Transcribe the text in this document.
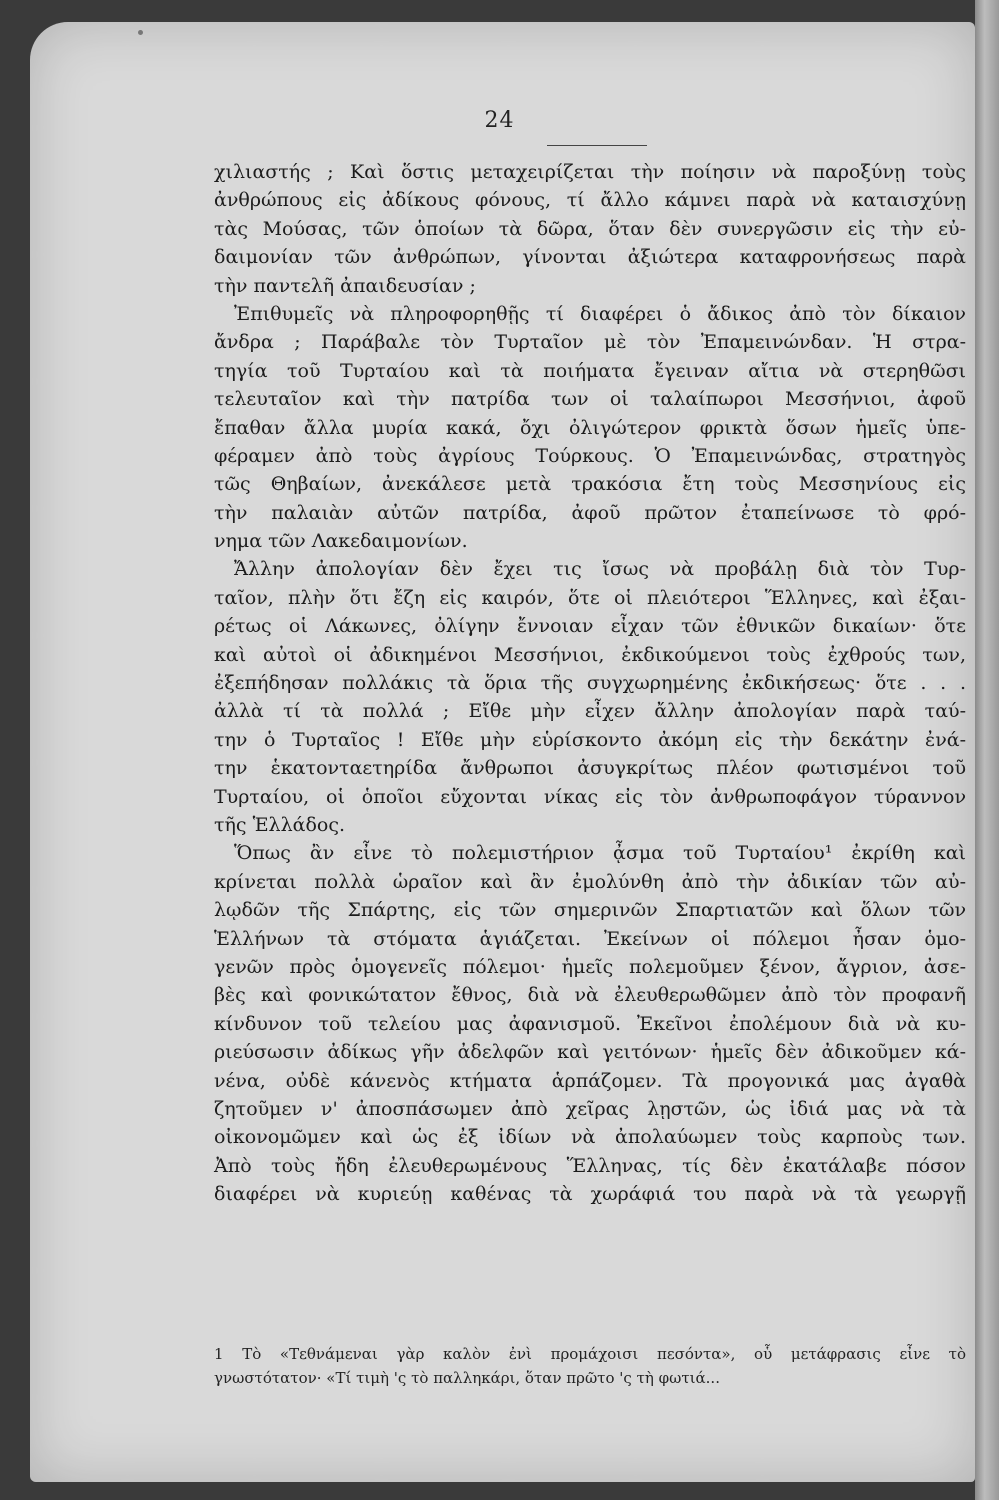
24
χιλιαστής ; Καὶ ὅστις μεταχειρίζεται τὴν ποίησιν νὰ παροξύνῃ τοὺς
ἀνθρώπους εἰς ἀδίκους φόνους, τί ἄλλο κάμνει παρὰ νὰ καταισχύνῃ
τὰς Μούσας, τῶν ὁποίων τὰ δῶρα, ὅταν δὲν συνεργῶσιν εἰς τὴν εὐ-
δαιμονίαν τῶν ἀνθρώπων, γίνονται ἀξιώτερα καταφρονήσεως παρὰ
τὴν παντελῆ ἀπαιδευσίαν ;
Ἐπιθυμεῖς νὰ πληροφορηθῇς τί διαφέρει ὁ ἄδικος ἀπὸ τὸν δίκαιον
ἄνδρα ; Παράβαλε τὸν Τυρταῖον μὲ τὸν Ἐπαμεινώνδαν. Ἡ στρα-
τηγία τοῦ Τυρταίου καὶ τὰ ποιήματα ἔγειναν αἴτια νὰ στερηθῶσι
τελευταῖον καὶ τὴν πατρίδα των οἱ ταλαίπωροι Μεσσήνιοι, ἀφοῦ
ἔπαθαν ἄλλα μυρία κακά, ὄχι ὀλιγώτερον φρικτὰ ὅσων ἡμεῖς ὑπε-
φέραμεν ἀπὸ τοὺς ἀγρίους Τούρκους. Ὁ Ἐπαμεινώνδας, στρατηγὸς
τῶς Θηβαίων, ἀνεκάλεσε μετὰ τρακόσια ἔτη τοὺς Μεσσηνίους εἰς
τὴν παλαιὰν αὐτῶν πατρίδα, ἀφοῦ πρῶτον ἐταπείνωσε τὸ φρό-
νημα τῶν Λακεδαιμονίων.
Ἄλλην ἀπολογίαν δὲν ἔχει τις ἴσως νὰ προβάλῃ διὰ τὸν Τυρ-
ταῖον, πλὴν ὅτι ἔζη εἰς καιρόν, ὅτε οἱ πλειότεροι Ἕλληνες, καὶ ἐξαι-
ρέτως οἱ Λάκωνες, ὀλίγην ἔννοιαν εἶχαν τῶν ἐθνικῶν δικαίων· ὅτε
καὶ αὐτοὶ οἱ ἀδικημένοι Μεσσήνιοι, ἐκδικούμενοι τοὺς ἐχθρούς των,
ἐξεπήδησαν πολλάκις τὰ ὅρια τῆς συγχωρημένης ἐκδικήσεως· ὅτε . . .
ἀλλὰ τί τὰ πολλά ; Εἴθε μὴν εἶχεν ἄλλην ἀπολογίαν παρὰ ταύ-
την ὁ Τυρταῖος ! Εἴθε μὴν εὑρίσκοντο ἀκόμη εἰς τὴν δεκάτην ἐνά-
την ἑκατονταετηρίδα ἄνθρωποι ἀσυγκρίτως πλέον φωτισμένοι τοῦ
Τυρταίου, οἱ ὁποῖοι εὔχονται νίκας εἰς τὸν ἀνθρωποφάγον τύραννον
τῆς Ἑλλάδος.
Ὅπως ἂν εἶνε τὸ πολεμιστήριον ᾆσμα τοῦ Τυρταίου¹ ἐκρίθη καὶ
κρίνεται πολλὰ ὡραῖον καὶ ἂν ἐμολύνθη ἀπὸ τὴν ἀδικίαν τῶν αὐ-
λῳδῶν τῆς Σπάρτης, εἰς τῶν σημερινῶν Σπαρτιατῶν καὶ ὅλων τῶν
Ἑλλήνων τὰ στόματα ἁγιάζεται. Ἐκείνων οἱ πόλεμοι ἦσαν ὁμο-
γενῶν πρὸς ὁμογενεῖς πόλεμοι· ἡμεῖς πολεμοῦμεν ξένον, ἄγριον, ἀσε-
βὲς καὶ φονικώτατον ἔθνος, διὰ νὰ ἐλευθερωθῶμεν ἀπὸ τὸν προφανῆ
κίνδυνον τοῦ τελείου μας ἀφανισμοῦ. Ἐκεῖνοι ἐπολέμουν διὰ νὰ κυ-
ριεύσωσιν ἀδίκως γῆν ἀδελφῶν καὶ γειτόνων· ἡμεῖς δὲν ἀδικοῦμεν κά-
νένα, οὐδὲ κάνενὸς κτήματα ἁρπάζομεν. Τὰ προγονικά μας ἀγαθὰ
ζητοῦμεν ν' ἀποσπάσωμεν ἀπὸ χεῖρας λῃστῶν, ὡς ἰδιά μας νὰ τὰ
οἰκονομῶμεν καὶ ὡς ἐξ ἰδίων νὰ ἀπολαύωμεν τοὺς καρποὺς των.
Ἀπὸ τοὺς ἤδη ἐλευθερωμένους Ἕλληνας, τίς δὲν ἐκατάλαβε πόσον
διαφέρει νὰ κυριεύῃ καθένας τὰ χωράφιά του παρὰ νὰ τὰ γεωργῇ
1 Τὸ «Τεθνάμεναι γὰρ καλὸν ἐνὶ προμάχοισι πεσόντα», οὗ μετάφρασις εἶνε τὸ
γνωστότατον· «Τί τιμὴ 'ς τὸ παλληκάρι, ὅταν πρῶτο 'ς τὴ φωτιά...
